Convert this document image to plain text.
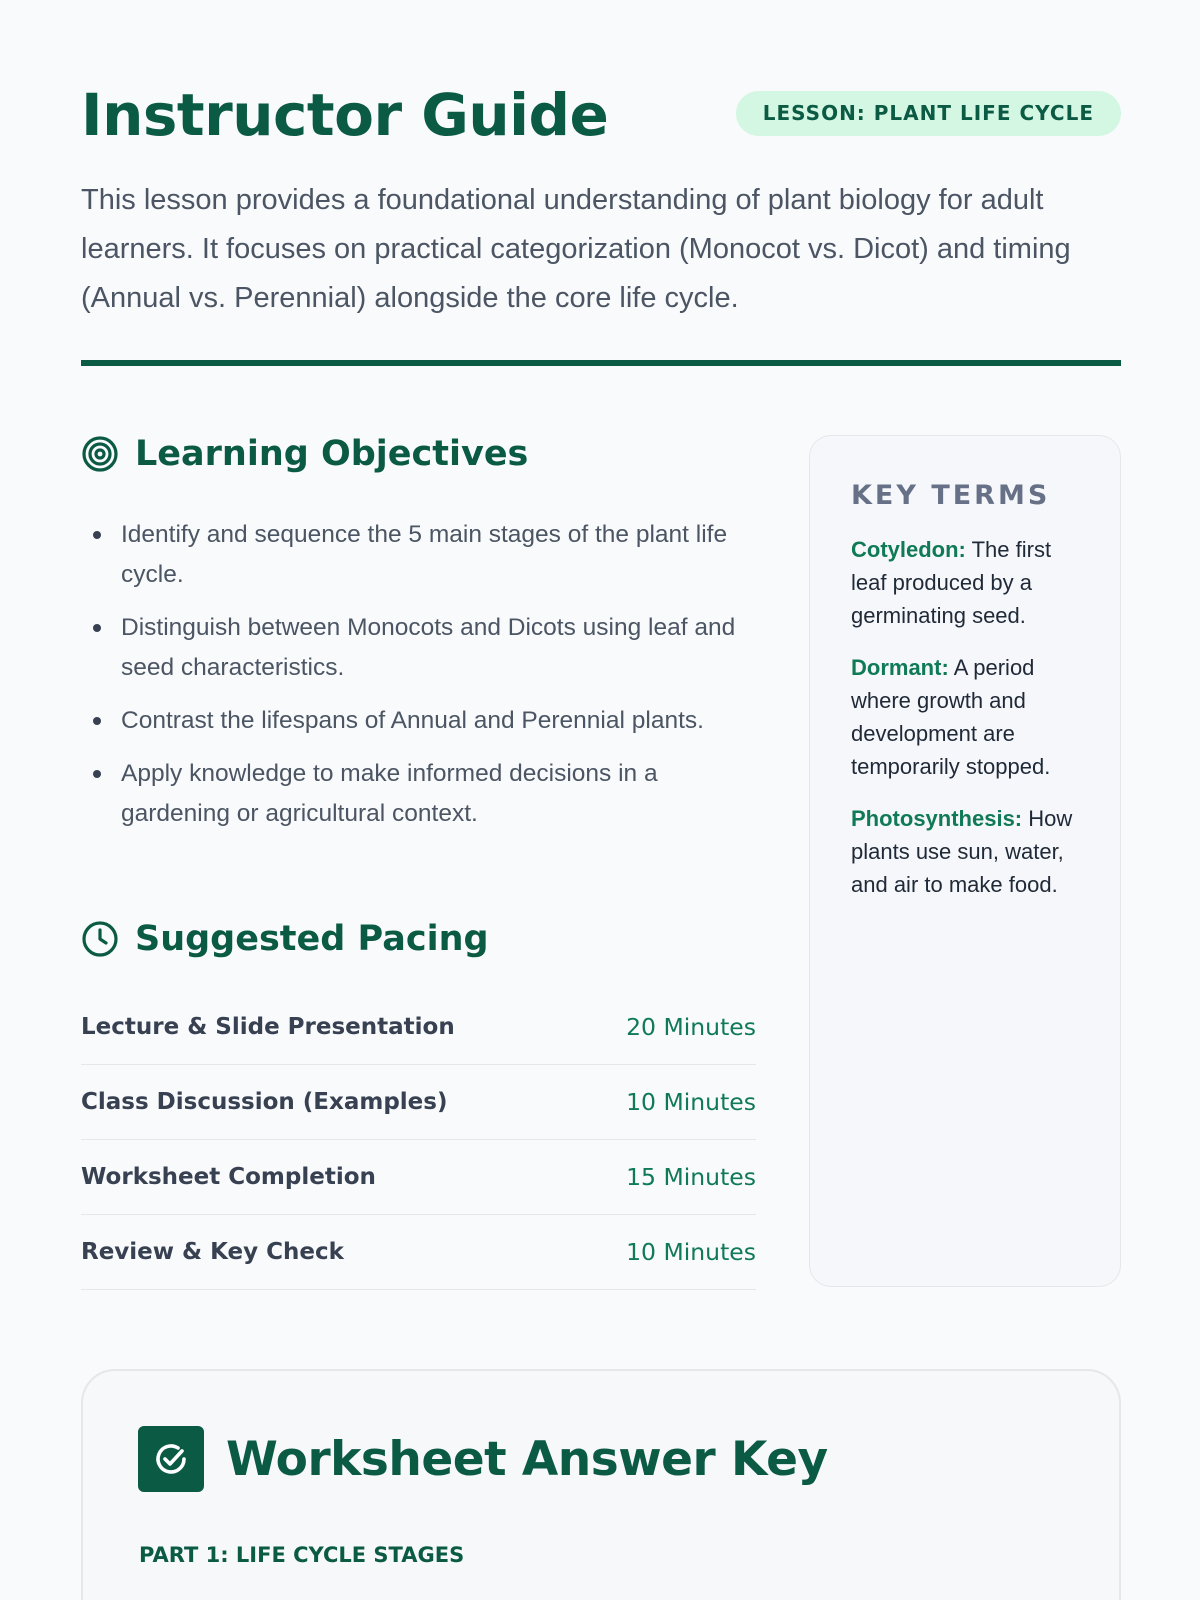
Instructor Guide	LESSON: PLANT LIFE CYCLE

This lesson provides a foundational understanding of plant biology for adult learners. It focuses on practical categorization (Monocot vs. Dicot) and timing (Annual vs. Perennial) alongside the core life cycle.

Learning Objectives
Identify and sequence the 5 main stages of the plant life cycle.
Distinguish between Monocots and Dicots using leaf and seed characteristics.
Contrast the lifespans of Annual and Perennial plants.
Apply knowledge to make informed decisions in a gardening or agricultural context.
Suggested Pacing
Lecture & Slide Presentation	20 Minutes
Class Discussion (Examples)	10 Minutes
Worksheet Completion	15 Minutes
Review & Key Check	10 Minutes
KEY TERMS

Cotyledon: The first leaf produced by a germinating seed.

Dormant: A period where growth and development are temporarily stopped.

Photosynthesis: How plants use sun, water, and air to make food.

Worksheet Answer Key
PART 1: LIFE CYCLE STAGES
